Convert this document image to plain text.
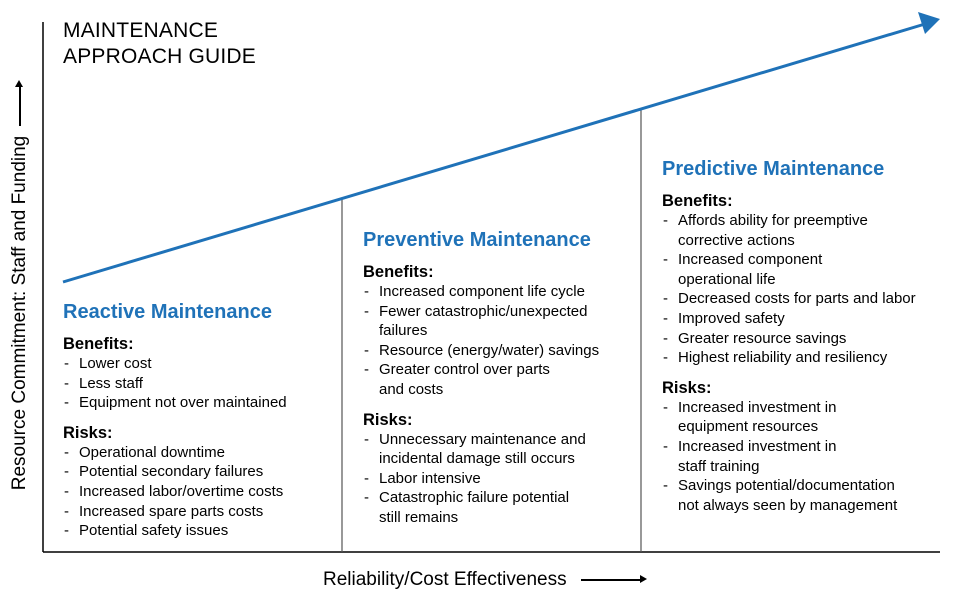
MAINTENANCE
APPROACH GUIDE
Resource Commitment: Staff and Funding
Reliability/Cost Effectiveness
Reactive Maintenance
Benefits:
- Lower cost
- Less staff
- Equipment not over maintained
Risks:
- Operational downtime
- Potential secondary failures
- Increased labor/overtime costs
- Increased spare parts costs
- Potential safety issues
Preventive Maintenance
Benefits:
- Increased component life cycle
- Fewer catastrophic/unexpected
failures
- Resource (energy/water) savings
- Greater control over parts
and costs
Risks:
- Unnecessary maintenance and
incidental damage still occurs
- Labor intensive
- Catastrophic failure potential
still remains
Predictive Maintenance
Benefits:
- Affords ability for preemptive
corrective actions
- Increased component
operational life
- Decreased costs for parts and labor
- Improved safety
- Greater resource savings
- Highest reliability and resiliency
Risks:
- Increased investment in
equipment resources
- Increased investment in
staff training
- Savings potential/documentation
not always seen by management
